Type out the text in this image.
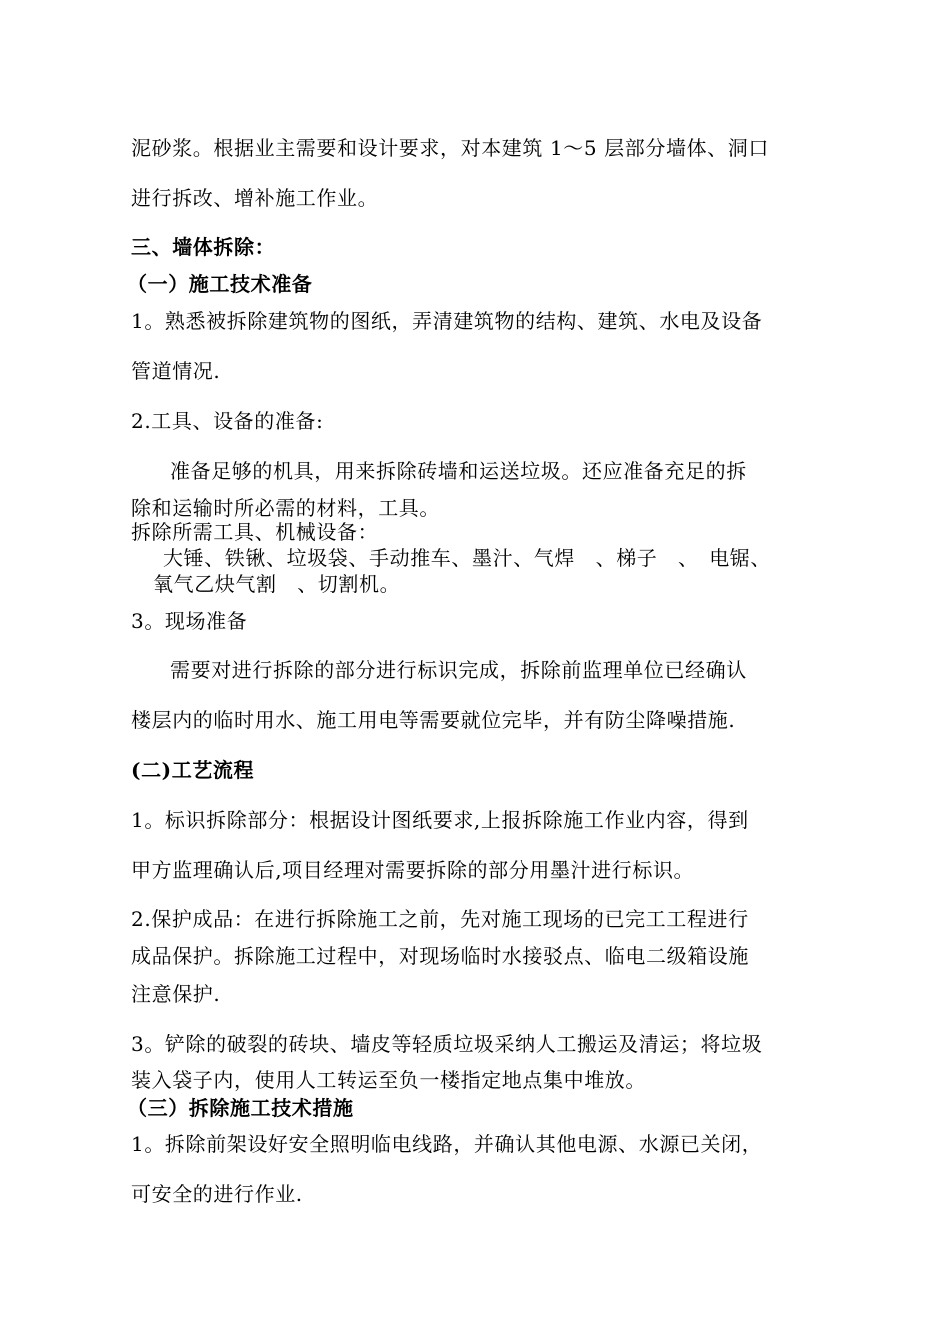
泥砂浆。根据业主需要和设计要求，对本建筑 1～5 层部分墙体、洞口
进行拆改、增补施工作业。
三、墙体拆除：
（一）施工技术准备
1。熟悉被拆除建筑物的图纸，弄清建筑物的结构、建筑、水电及设备
管道情况.
2.工具、设备的准备:
准备足够的机具，用来拆除砖墙和运送垃圾。还应准备充足的拆
除和运输时所必需的材料，工具。
拆除所需工具、机械设备：
大锤、铁锹、垃圾袋、手动推车、墨汁、气焊　、梯子　、　电锯、
氧气乙炔气割　、切割机。
3。现场准备
需要对进行拆除的部分进行标识完成，拆除前监理单位已经确认
楼层内的临时用水、施工用电等需要就位完毕，并有防尘降噪措施.
(二)工艺流程
1。标识拆除部分：根据设计图纸要求,上报拆除施工作业内容，得到
甲方监理确认后,项目经理对需要拆除的部分用墨汁进行标识。
2.保护成品：在进行拆除施工之前，先对施工现场的已完工工程进行
成品保护。拆除施工过程中，对现场临时水接驳点、临电二级箱设施
注意保护.
3。铲除的破裂的砖块、墙皮等轻质垃圾采纳人工搬运及清运；将垃圾
装入袋子内，使用人工转运至负一楼指定地点集中堆放。
（三）拆除施工技术措施
1。拆除前架设好安全照明临电线路，并确认其他电源、水源已关闭，
可安全的进行作业.
